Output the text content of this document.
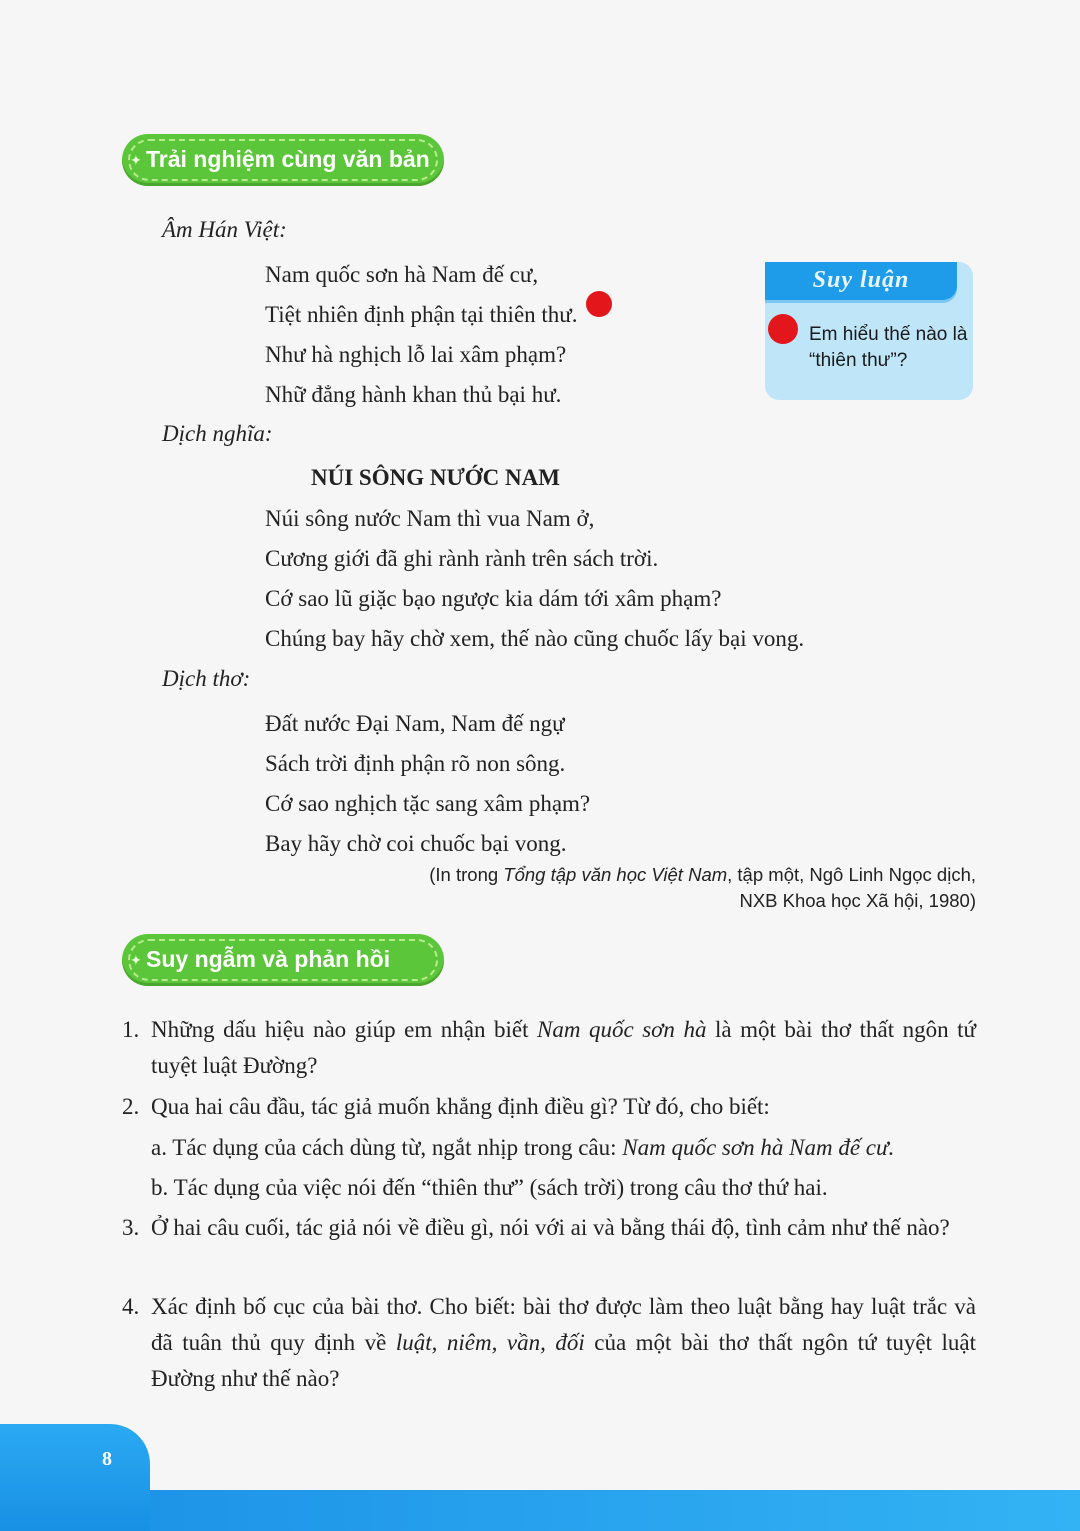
✦ Trải nghiệm cùng văn bản
Âm Hán Việt:
Nam quốc sơn hà Nam đế cư,
Tiệt nhiên định phận tại thiên thư.
Như hà nghịch lỗ lai xâm phạm?
Nhữ đẳng hành khan thủ bại hư.
Suy luận
Em hiểu thế nào là “thiên thư”?
Dịch nghĩa:
NÚI SÔNG NƯỚC NAM
Núi sông nước Nam thì vua Nam ở,
Cương giới đã ghi rành rành trên sách trời.
Cớ sao lũ giặc bạo ngược kia dám tới xâm phạm?
Chúng bay hãy chờ xem, thế nào cũng chuốc lấy bại vong.
Dịch thơ:
Đất nước Đại Nam, Nam đế ngự
Sách trời định phận rõ non sông.
Cớ sao nghịch tặc sang xâm phạm?
Bay hãy chờ coi chuốc bại vong.
(In trong Tổng tập văn học Việt Nam, tập một, Ngô Linh Ngọc dịch,
NXB Khoa học Xã hội, 1980)
✦ Suy ngẫm và phản hồi
1. Những dấu hiệu nào giúp em nhận biết Nam quốc sơn hà là một bài thơ thất ngôn tứ tuyệt luật Đường?
2. Qua hai câu đầu, tác giả muốn khẳng định điều gì? Từ đó, cho biết:
a. Tác dụng của cách dùng từ, ngắt nhịp trong câu: Nam quốc sơn hà Nam đế cư.
b. Tác dụng của việc nói đến “thiên thư” (sách trời) trong câu thơ thứ hai.
3. Ở hai câu cuối, tác giả nói về điều gì, nói với ai và bằng thái độ, tình cảm như thế nào?
4. Xác định bố cục của bài thơ. Cho biết: bài thơ được làm theo luật bằng hay luật trắc và đã tuân thủ quy định về luật, niêm, vần, đối của một bài thơ thất ngôn tứ tuyệt luật Đường như thế nào?
8
